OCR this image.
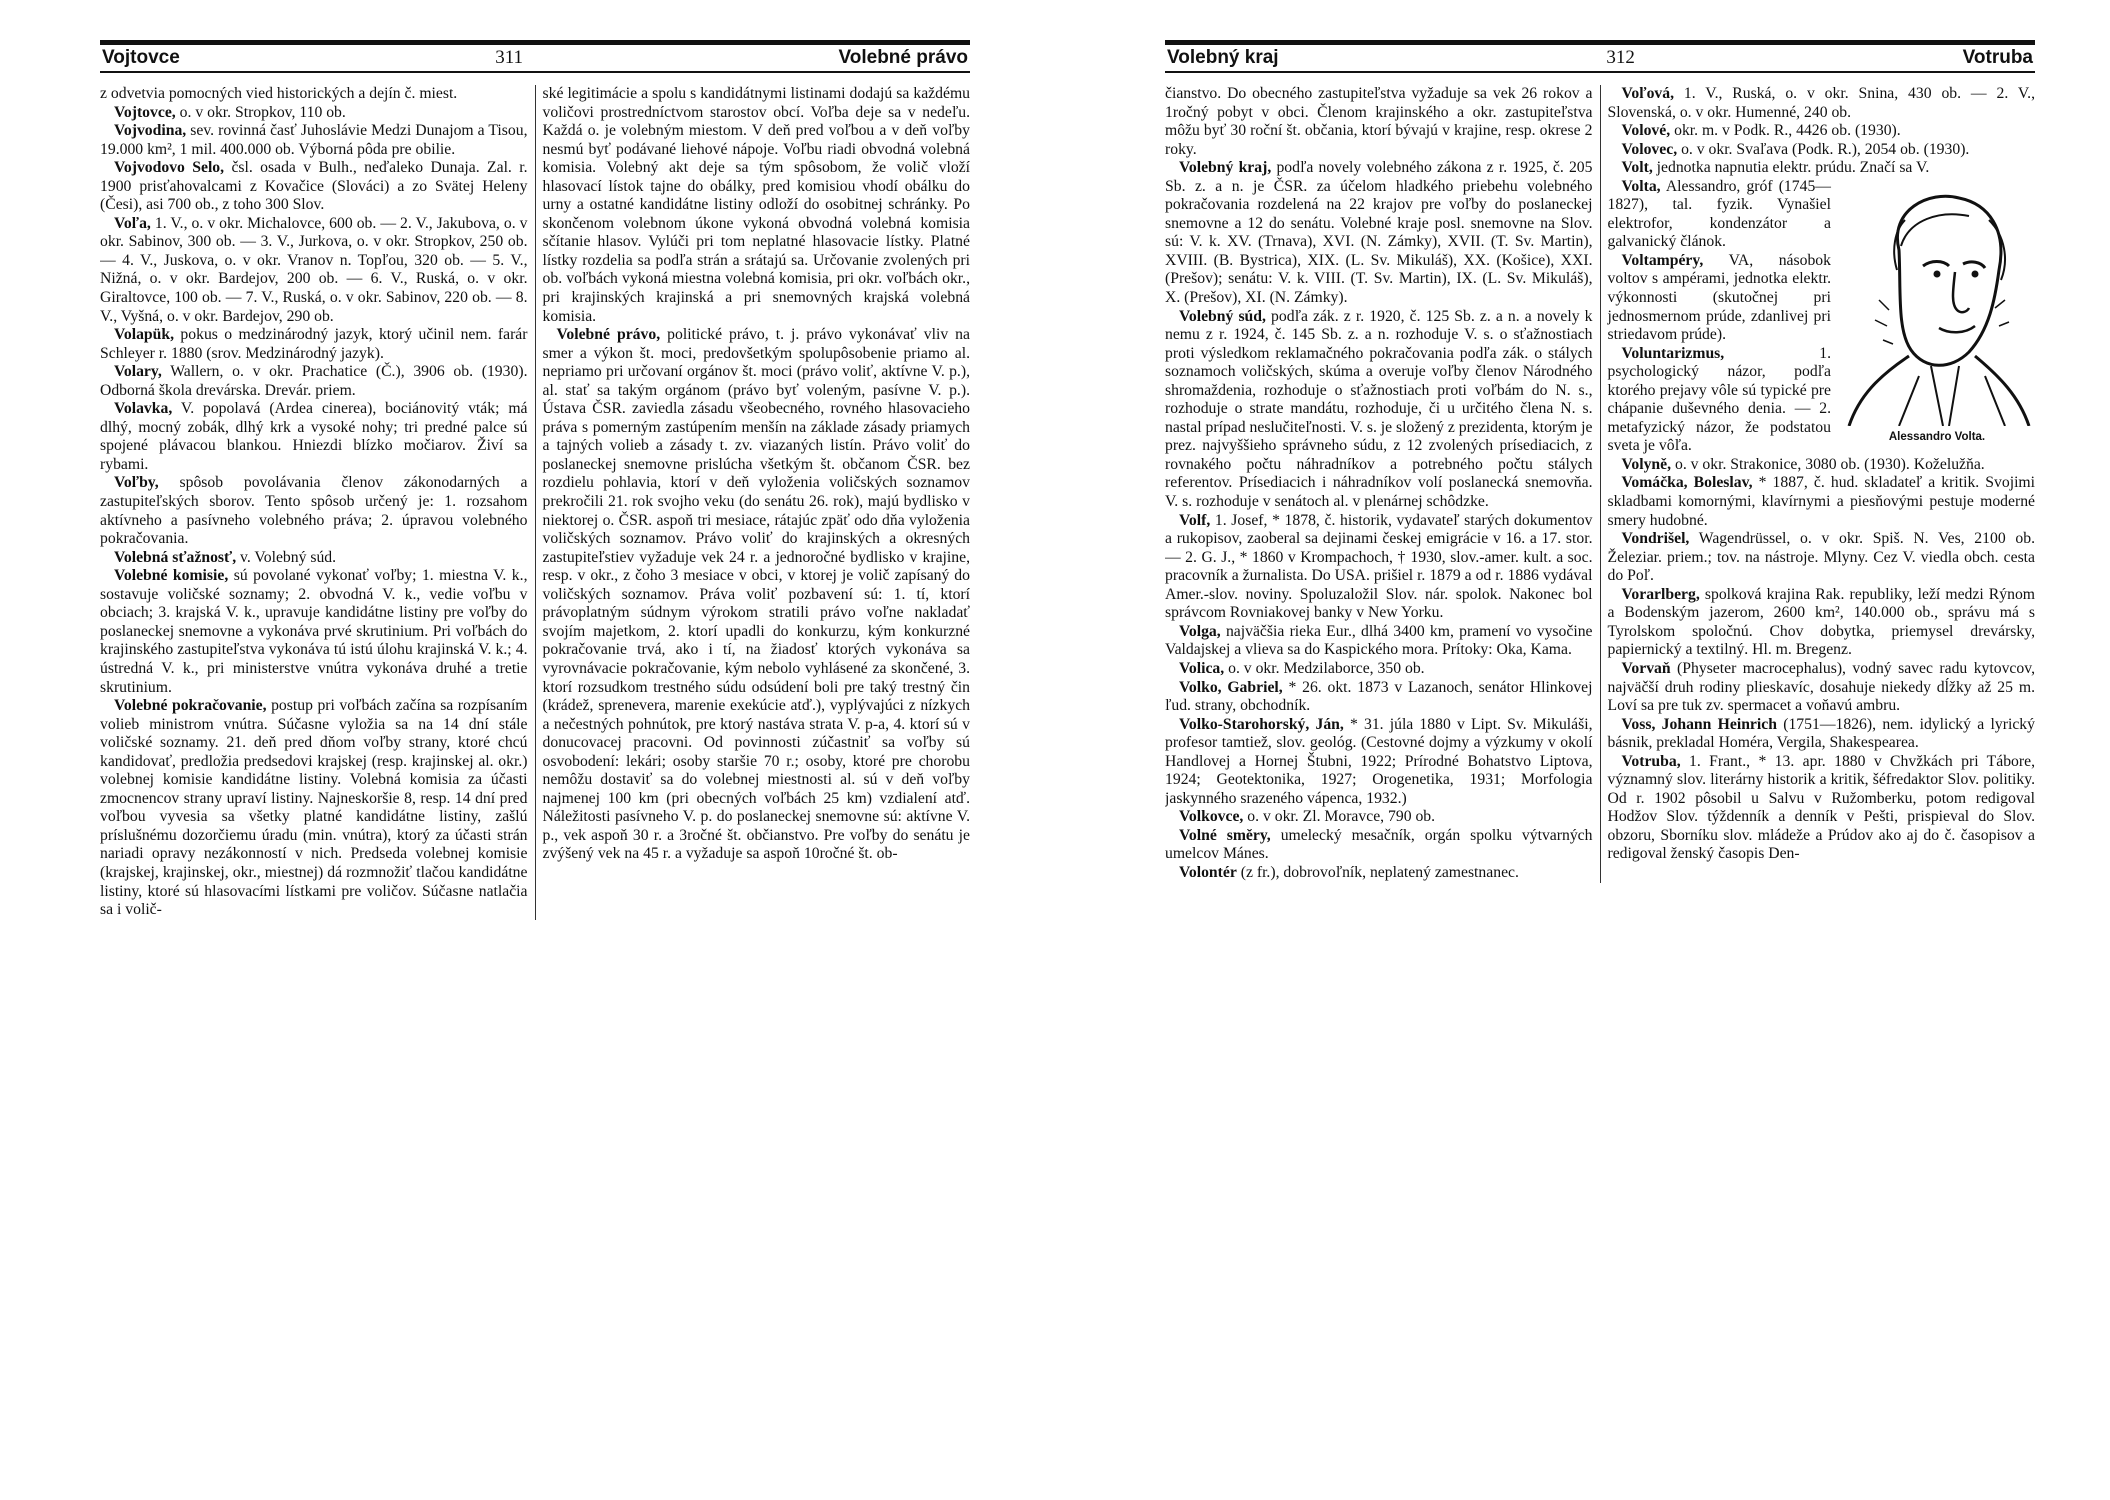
Vojtovce	311	Volebné právo

z odvetvia pomocných vied historických a dejín č. miest.

Vojtovce, o. v okr. Stropkov, 110 ob.

Vojvodina, sev. rovinná časť Juhoslávie Medzi Dunajom a Tisou, 19.000 km², 1 mil. 400.000 ob. Výborná pôda pre obilie.

Vojvodovo Selo, čsl. osada v Bulh., neďaleko Dunaja. Zal. r. 1900 prisťahovalcami z Kovačice (Slováci) a zo Svätej Heleny (Česi), asi 700 ob., z toho 300 Slov.

Voľa, 1. V., o. v okr. Michalovce, 600 ob. — 2. V., Jakubova, o. v okr. Sabinov, 300 ob. — 3. V., Jurkova, o. v okr. Stropkov, 250 ob. — 4. V., Juskova, o. v okr. Vranov n. Topľou, 320 ob. — 5. V., Nižná, o. v okr. Bardejov, 200 ob. — 6. V., Ruská, o. v okr. Giraltovce, 100 ob. — 7. V., Ruská, o. v okr. Sabinov, 220 ob. — 8. V., Vyšná, o. v okr. Bardejov, 290 ob.

Volapük, pokus o medzinárodný jazyk, ktorý učinil nem. farár Schleyer r. 1880 (srov. Medzinárodný jazyk).

Volary, Wallern, o. v okr. Prachatice (Č.), 3906 ob. (1930). Odborná škola drevárska. Drevár. priem.

Volavka, V. popolavá (Ardea cinerea), bociánovitý vták; má dlhý, mocný zobák, dlhý krk a vysoké nohy; tri predné palce sú spojené plávacou blankou. Hniezdi blízko močiarov. Živí sa rybami.

Voľby, spôsob povolávania členov zákonodarných a zastupiteľských sborov. Tento spôsob určený je: 1. rozsahom aktívneho a pasívneho volebného práva; 2. úpravou volebného pokračovania.

Volebná sťažnosť, v. Volebný súd.

Volebné komisie, sú povolané vykonať voľby; 1. miestna V. k., sostavuje voličské soznamy; 2. obvodná V. k., vedie voľbu v obciach; 3. krajská V. k., upravuje kandidátne listiny pre voľby do poslaneckej snemovne a vykonáva prvé skrutinium. Pri voľbách do krajinského zastupiteľstva vykonáva tú istú úlohu krajinská V. k.; 4. ústredná V. k., pri ministerstve vnútra vykonáva druhé a tretie skrutinium.

Volebné pokračovanie, postup pri voľbách začína sa rozpísaním volieb ministrom vnútra. Súčasne vyložia sa na 14 dní stále voličské soznamy. 21. deň pred dňom voľby strany, ktoré chcú kandidovať, predložia predsedovi krajskej (resp. krajinskej al. okr.) volebnej komisie kandidátne listiny. Volebná komisia za účasti zmocnencov strany upraví listiny. Najneskoršie 8, resp. 14 dní pred voľbou vyvesia sa všetky platné kandidátne listiny, zašlú príslušnému dozorčiemu úradu (min. vnútra), ktorý za účasti strán nariadi opravy nezákonností v nich. Predseda volebnej komisie (krajskej, krajinskej, okr., miestnej) dá rozmnožiť tlačou kandidátne listiny, ktoré sú hlasovacími lístkami pre voličov. Súčasne natlačia sa i volič-

ské legitimácie a spolu s kandidátnymi listinami dodajú sa každému voličovi prostredníctvom starostov obcí. Voľba deje sa v nedeľu. Každá o. je volebným miestom. V deň pred voľbou a v deň voľby nesmú byť podávané liehové nápoje. Voľbu riadi obvodná volebná komisia. Volebný akt deje sa tým spôsobom, že volič vloží hlasovací lístok tajne do obálky, pred komisiou vhodí obálku do urny a ostatné kandidátne listiny odloží do osobitnej schránky. Po skončenom volebnom úkone vykoná obvodná volebná komisia sčítanie hlasov. Vylúči pri tom neplatné hlasovacie lístky. Platné lístky rozdelia sa podľa strán a srátajú sa. Určovanie zvolených pri ob. voľbách vykoná miestna volebná komisia, pri okr. voľbách okr., pri krajinských krajinská a pri snemovných krajská volebná komisia.

Volebné právo, politické právo, t. j. právo vykonávať vliv na smer a výkon št. moci, predovšetkým spolupôsobenie priamo al. nepriamo pri určovaní orgánov št. moci (právo voliť, aktívne V. p.), al. stať sa takým orgánom (právo byť voleným, pasívne V. p.). Ústava ČSR. zaviedla zásadu všeobecného, rovného hlasovacieho práva s pomerným zastúpením menšín na základe zásady priamych a tajných volieb a zásady t. zv. viazaných listín. Právo voliť do poslaneckej snemovne prislúcha všetkým št. občanom ČSR. bez rozdielu pohlavia, ktorí v deň vyloženia voličských soznamov prekročili 21. rok svojho veku (do senátu 26. rok), majú bydlisko v niektorej o. ČSR. aspoň tri mesiace, rátajúc zpäť odo dňa vyloženia voličských soznamov. Právo voliť do krajinských a okresných zastupiteľstiev vyžaduje vek 24 r. a jednoročné bydlisko v krajine, resp. v okr., z čoho 3 mesiace v obci, v ktorej je volič zapísaný do voličských soznamov. Práva voliť pozbavení sú: 1. tí, ktorí právoplatným súdnym výrokom stratili právo voľne nakladať svojím majetkom, 2. ktorí upadli do konkurzu, kým konkurzné pokračovanie trvá, ako i tí, na žiadosť ktorých vykonáva sa vyrovnávacie pokračovanie, kým nebolo vyhlásené za skončené, 3. ktorí rozsudkom trestného súdu odsúdení boli pre taký trestný čin (krádež, sprenevera, marenie exekúcie atď.), vyplývajúci z nízkych a nečestných pohnútok, pre ktorý nastáva strata V. p-a, 4. ktorí sú v donucovacej pracovni. Od povinnosti zúčastniť sa voľby sú osvobodení: lekári; osoby staršie 70 r.; osoby, ktoré pre chorobu nemôžu dostaviť sa do volebnej miestnosti al. sú v deň voľby najmenej 100 km (pri obecných voľbách 25 km) vzdialení atď. Náležitosti pasívneho V. p. do poslaneckej snemovne sú: aktívne V. p., vek aspoň 30 r. a 3ročné št. občianstvo. Pre voľby do senátu je zvýšený vek na 45 r. a vyžaduje sa aspoň 10ročné št. ob-

Volebný kraj	312	Votruba

čianstvo. Do obecného zastupiteľstva vyžaduje sa vek 26 rokov a 1ročný pobyt v obci. Členom krajinského a okr. zastupiteľstva môžu byť 30 roční št. občania, ktorí bývajú v krajine, resp. okrese 2 roky.

Volebný kraj, podľa novely volebného zákona z r. 1925, č. 205 Sb. z. a n. je ČSR. za účelom hladkého priebehu volebného pokračovania rozdelená na 22 krajov pre voľby do poslaneckej snemovne a 12 do senátu. Volebné kraje posl. snemovne na Slov. sú: V. k. XV. (Trnava), XVI. (N. Zámky), XVII. (T. Sv. Martin), XVIII. (B. Bystrica), XIX. (L. Sv. Mikuláš), XX. (Košice), XXI. (Prešov); senátu: V. k. VIII. (T. Sv. Martin), IX. (L. Sv. Mikuláš), X. (Prešov), XI. (N. Zámky).

Volebný súd, podľa zák. z r. 1920, č. 125 Sb. z. a n. a novely k nemu z r. 1924, č. 145 Sb. z. a n. rozhoduje V. s. o sťažnostiach proti výsledkom reklamačného pokračovania podľa zák. o stálych soznamoch voličských, skúma a overuje voľby členov Národného shromaždenia, rozhoduje o sťažnostiach proti voľbám do N. s., rozhoduje o strate mandátu, rozhoduje, či u určitého člena N. s. nastal prípad neslučiteľnosti. V. s. je složený z prezidenta, ktorým je prez. najvyššieho správneho súdu, z 12 zvolených prísediacich, z rovnakého počtu náhradníkov a potrebného počtu stálych referentov. Prísediacich i náhradníkov volí poslanecká snemovňa. V. s. rozhoduje v senátoch al. v plenárnej schôdzke.

Volf, 1. Josef, * 1878, č. historik, vydavateľ starých dokumentov a rukopisov, zaoberal sa dejinami českej emigrácie v 16. a 17. stor. — 2. G. J., * 1860 v Krompachoch, † 1930, slov.-amer. kult. a soc. pracovník a žurnalista. Do USA. prišiel r. 1879 a od r. 1886 vydával Amer.-slov. noviny. Spoluzaložil Slov. nár. spolok. Nakonec bol správcom Rovniakovej banky v New Yorku.

Volga, najväčšia rieka Eur., dlhá 3400 km, pramení vo vysočine Valdajskej a vlieva sa do Kaspického mora. Prítoky: Oka, Kama.

Volica, o. v okr. Medzilaborce, 350 ob.

Volko, Gabriel, * 26. okt. 1873 v Lazanoch, senátor Hlinkovej ľud. strany, obchodník.

Volko-Starohorský, Ján, * 31. júla 1880 v Lipt. Sv. Mikuláši, profesor tamtiež, slov. geológ. (Cestovné dojmy a výzkumy v okolí Handlovej a Hornej Štubni, 1922; Prírodné Bohatstvo Liptova, 1924; Geotektonika, 1927; Orogenetika, 1931; Morfologia jaskynného srazeného vápenca, 1932.)

Volkovce, o. v okr. Zl. Moravce, 790 ob.

Volné směry, umelecký mesačník, orgán spolku výtvarných umelcov Mánes.

Volontér (z fr.), dobrovoľník, neplatený zamestnanec.

Voľová, 1. V., Ruská, o. v okr. Snina, 430 ob. — 2. V., Slovenská, o. v okr. Humenné, 240 ob.

Volové, okr. m. v Podk. R., 4426 ob. (1930).

Volovec, o. v okr. Svaľava (Podk. R.), 2054 ob. (1930).

Volt, jednotka napnutia elektr. prúdu. Značí sa V.

Alessandro Volta.

Volta, Alessandro, gróf (1745—1827), tal. fyzik. Vynašiel elektrofor, kondenzátor a galvanický článok.

Voltampéry, VA, násobok voltov s ampérami, jednotka elektr. výkonnosti (skutočnej pri jednosmernom prúde, zdanlivej pri striedavom prúde).

Voluntarizmus, 1. psychologický názor, podľa ktorého prejavy vôle sú typické pre chápanie duševného denia. — 2. metafyzický názor, že podstatou sveta je vôľa.

Volyně, o. v okr. Strakonice, 3080 ob. (1930). Koželužňa.

Vomáčka, Boleslav, * 1887, č. hud. skladateľ a kritik. Svojimi skladbami komornými, klavírnymi a piesňovými pestuje moderné smery hudobné.

Vondrišel, Wagendrüssel, o. v okr. Spiš. N. Ves, 2100 ob. Železiar. priem.; tov. na nástroje. Mlyny. Cez V. viedla obch. cesta do Poľ.

Vorarlberg, spolková krajina Rak. republiky, leží medzi Rýnom a Bodenským jazerom, 2600 km², 140.000 ob., správu má s Tyrolskom spoločnú. Chov dobytka, priemysel drevársky, papiernický a textilný. Hl. m. Bregenz.

Vorvaň (Physeter macrocephalus), vodný savec radu kytovcov, najväčší druh rodiny plieskavíc, dosahuje niekedy dĺžky až 25 m. Loví sa pre tuk zv. spermacet a voňavú ambru.

Voss, Johann Heinrich (1751—1826), nem. idylický a lyrický básnik, prekladal Homéra, Vergila, Shakespearea.

Votruba, 1. Frant., * 13. apr. 1880 v Chvžkách pri Tábore, významný slov. literárny historik a kritik, šéfredaktor Slov. politiky. Od r. 1902 pôsobil u Salvu v Ružomberku, potom redigoval Hodžov Slov. týždenník a denník v Pešti, prispieval do Slov. obzoru, Sborníku slov. mládeže a Prúdov ako aj do č. časopisov a redigoval ženský časopis Den-
